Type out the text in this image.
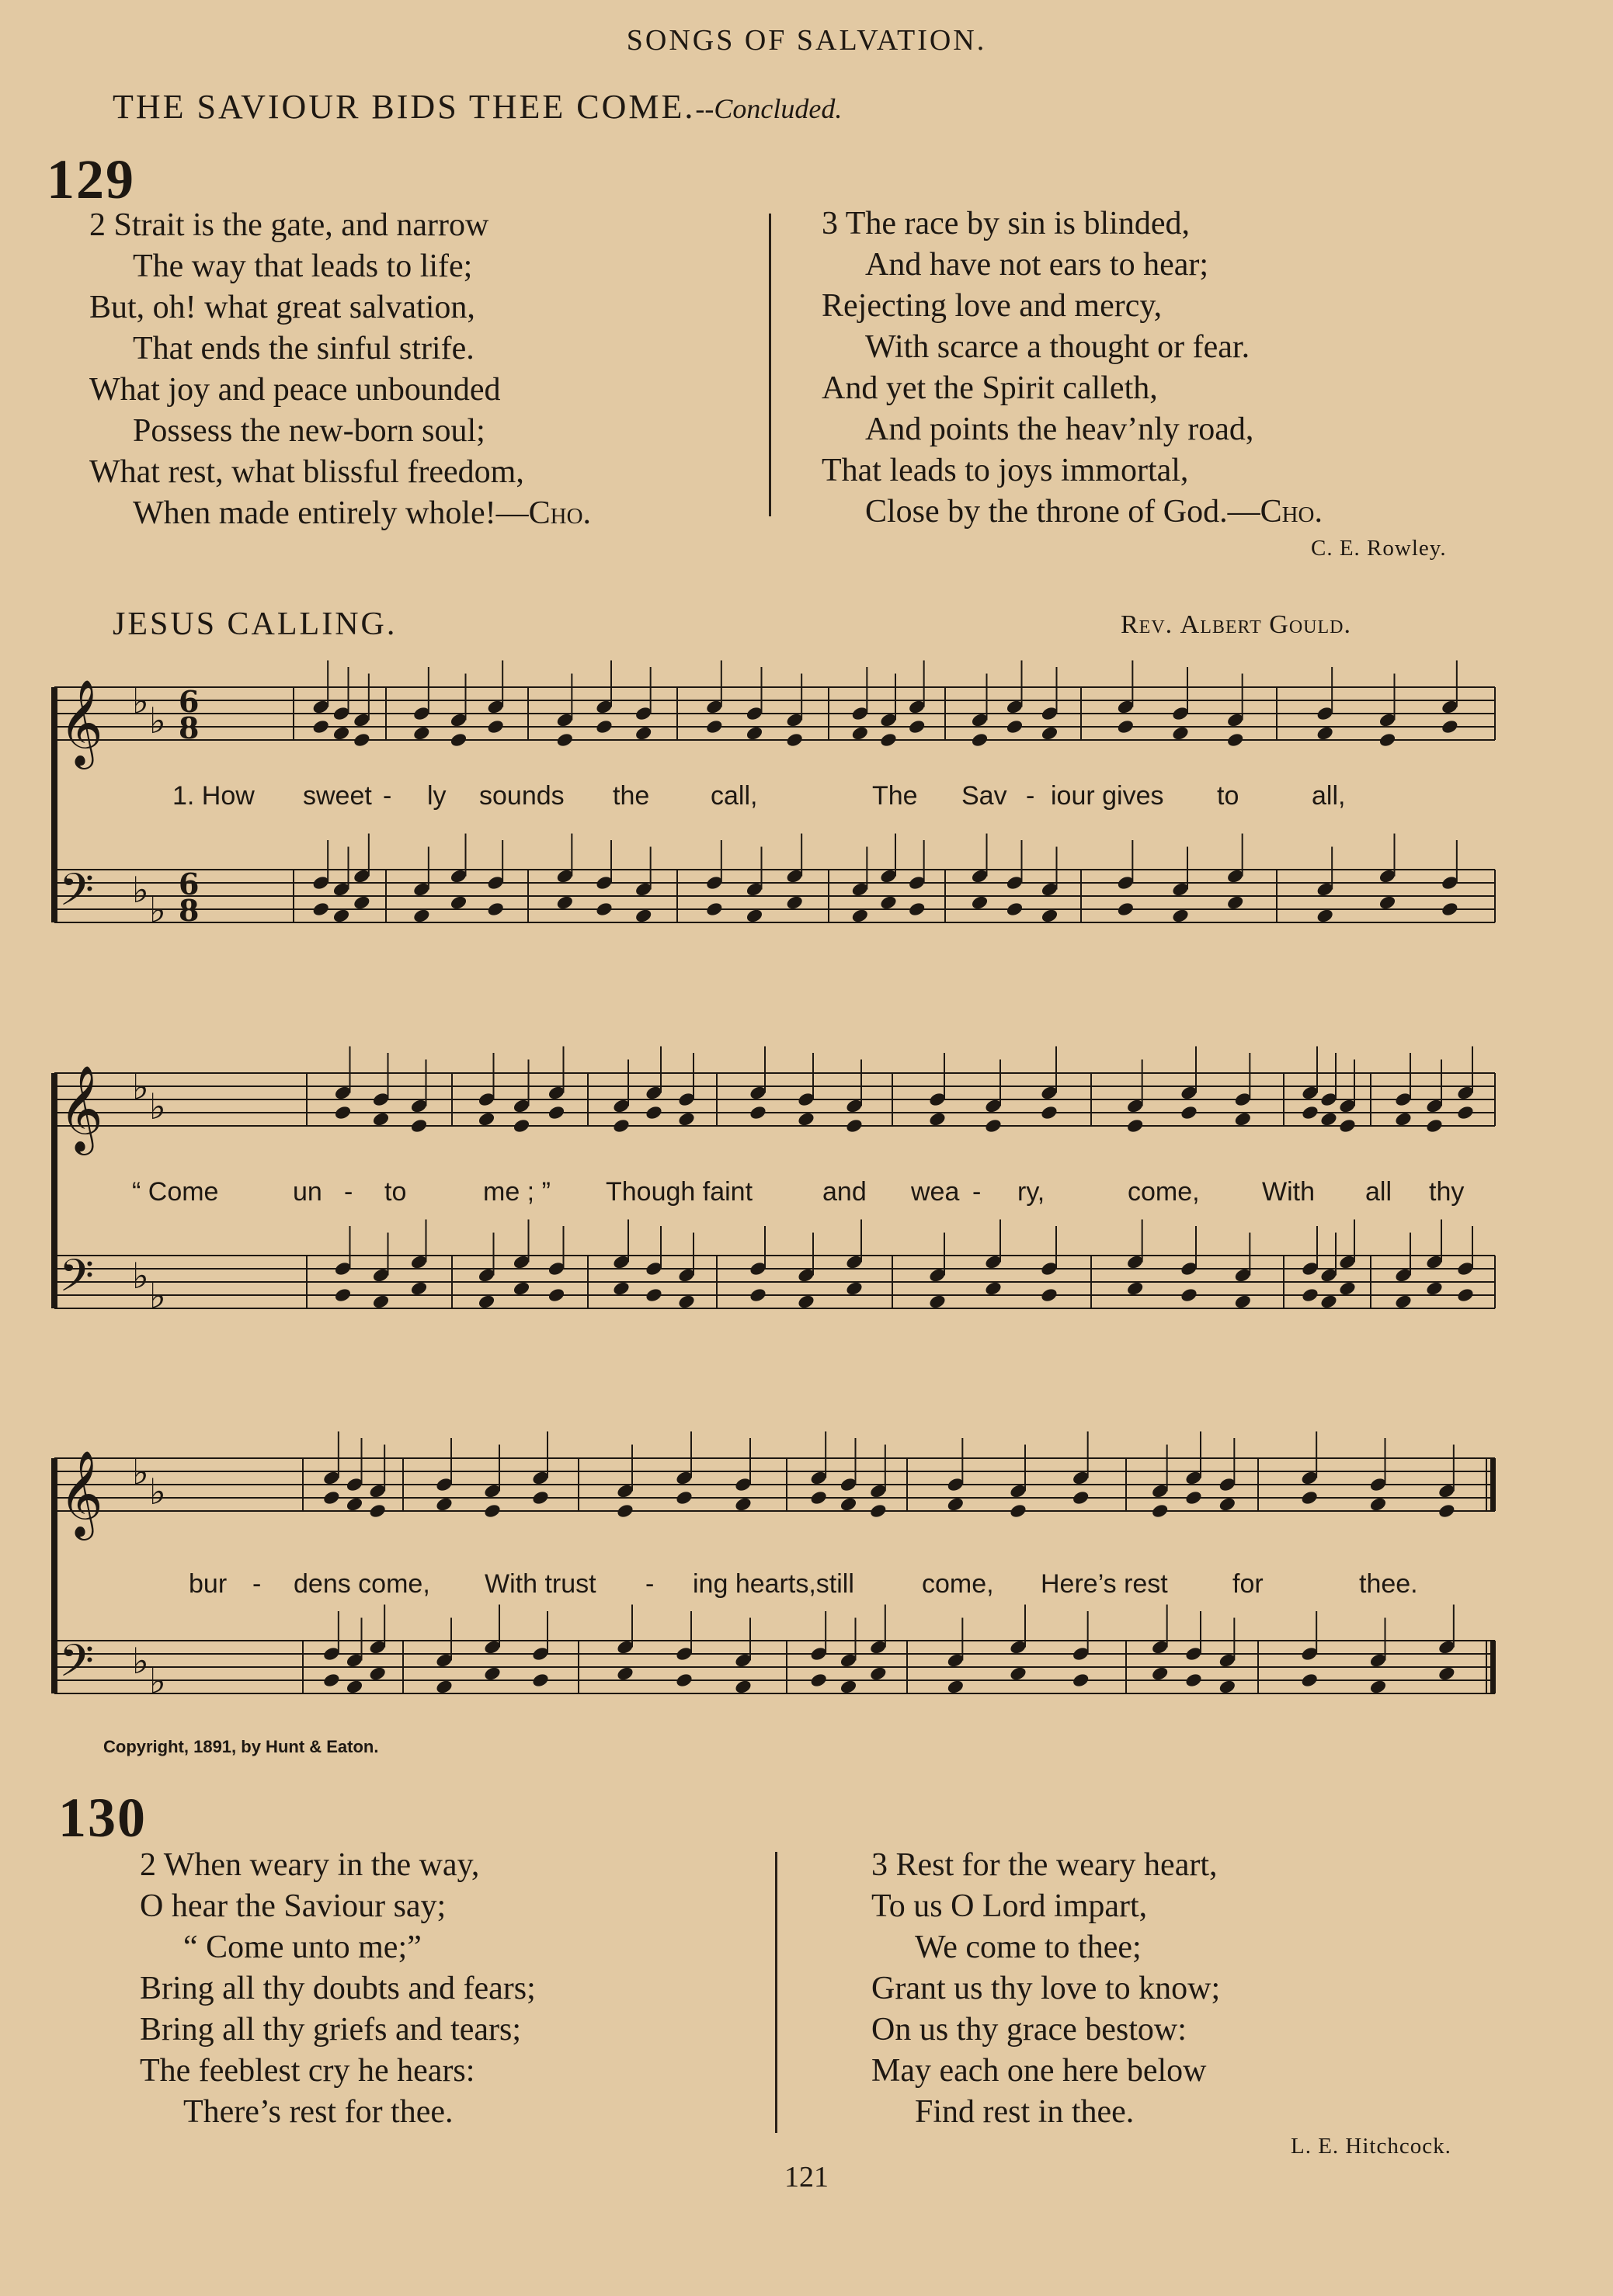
SONGS OF SALVATION.
THE SAVIOUR BIDS THEE COME.--Concluded.
129
2 Strait is the gate, and narrow
The way that leads to life;
But, oh! what great salvation,
That ends the sinful strife.
What joy and peace unbounded
Possess the new-born soul;
What rest, what blissful freedom,
When made entirely whole!—Cho.
3 The race by sin is blinded,
And have not ears to hear;
Rejecting love and mercy,
With scarce a thought or fear.
And yet the Spirit calleth,
And points the heav’nly road,
That leads to joys immortal,
Close by the throne of God.—Cho.
C. E. Rowley.
JESUS CALLING.	Rev. Albert Gould.
𝄞 ♭ ♭ 6
8
𝄢 ♭ ♭
6
8
𝄞 ♭ ♭
𝄢 ♭ ♭
𝄞 ♭ ♭
𝄢 ♭ ♭
1. How sweet - ly sounds the call,	The Sav - iour gives to	all,
“ Come	un - to	me ; ” Though faint	and wea - ry,	come, With all thy
bur - dens come, With trust - ing hearts,still	come, Here’s rest for	thee.
Copyright, 1891, by Hunt & Eaton.
130
2 When weary in the way,
O hear the Saviour say;
“ Come unto me;”
Bring all thy doubts and fears;
Bring all thy griefs and tears;
The feeblest cry he hears:
There’s rest for thee.
3 Rest for the weary heart,
To us O Lord impart,
We come to thee;
Grant us thy love to know;
On us thy grace bestow:
May each one here below
Find rest in thee.
L. E. Hitchcock.
121
